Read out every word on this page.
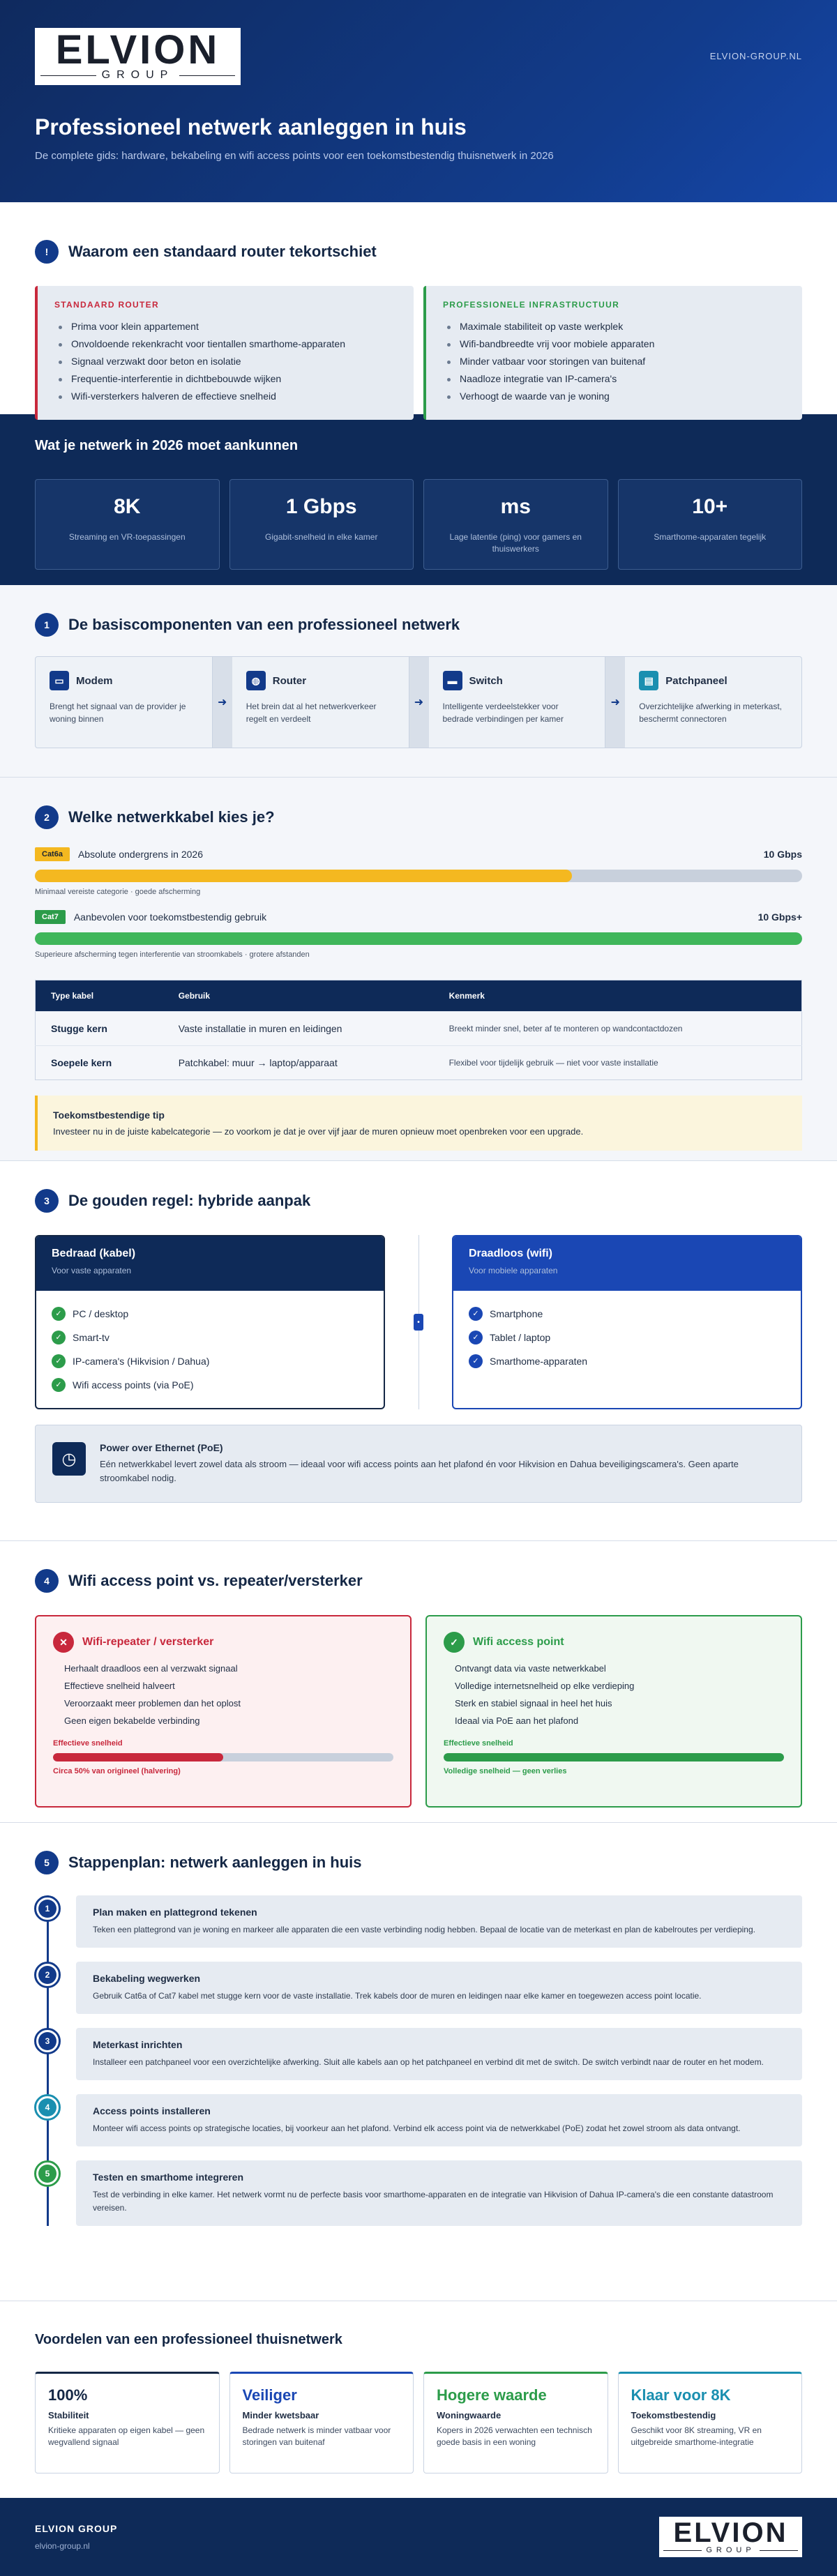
ELVION
GROUP
ELVION-GROUP.NL
Professioneel netwerk aanleggen in huis

De complete gids: hardware, bekabeling en wifi access points voor een toekomstbestendig thuisnetwerk in 2026

!	Waarom een standaard router tekortschiet
STANDAARD ROUTER
Prima voor klein appartement
Onvoldoende rekenkracht voor tientallen smarthome-apparaten
Signaal verzwakt door beton en isolatie
Frequentie-interferentie in dichtbebouwde wijken
Wifi-versterkers halveren de effectieve snelheid
PROFESSIONELE INFRASTRUCTUUR
Maximale stabiliteit op vaste werkplek
Wifi-bandbreedte vrij voor mobiele apparaten
Minder vatbaar voor storingen van buitenaf
Naadloze integratie van IP-camera's
Verhoogt de waarde van je woning
Wat je netwerk in 2026 moet aankunnen
8K
Streaming en VR-toepassingen
1 Gbps
Gigabit-snelheid in elke kamer
ms
Lage latentie (ping) voor gamers en thuiswerkers
10+
Smarthome-apparaten tegelijk
1	De basiscomponenten van een professioneel netwerk
▭	Modem

Brengt het signaal van de provider je woning binnen

➜
◍	Router

Het brein dat al het netwerkverkeer regelt en verdeelt

➜
▬	Switch

Intelligente verdeelstekker voor bedrade verbindingen per kamer

➜
▤	Patchpaneel

Overzichtelijke afwerking in meterkast, beschermt connectoren

2	Welke netwerkkabel kies je?
Cat6a	Absolute ondergrens in 2026	10 Gbps
Minimaal vereiste categorie · goede afscherming
Cat7	Aanbevolen voor toekomstbestendig gebruik	10 Gbps+
Superieure afscherming tegen interferentie van stroomkabels · grotere afstanden
Type kabel	Gebruik	Kenmerk
Stugge kern	Vaste installatie in muren en leidingen	Breekt minder snel, beter af te monteren op wandcontactdozen
Soepele kern	Patchkabel: muur → laptop/apparaat	Flexibel voor tijdelijk gebruik — niet voor vaste installatie
Toekomstbestendige tip
Investeer nu in de juiste kabelcategorie — zo voorkom je dat je over vijf jaar de muren opnieuw moet openbreken voor een upgrade.
3	De gouden regel: hybride aanpak
Bedraad (kabel)
Voor vaste apparaten
✓	PC / desktop
✓	Smart-tv
✓	IP-camera's (Hikvision / Dahua)
✓	Wifi access points (via PoE)
•
Draadloos (wifi)
Voor mobiele apparaten
✓	Smartphone
✓	Tablet / laptop
✓	Smarthome-apparaten
◷
Power over Ethernet (PoE)

Eén netwerkkabel levert zowel data als stroom — ideaal voor wifi access points aan het plafond én voor Hikvision en Dahua beveiligingscamera's. Geen aparte stroomkabel nodig.

4	Wifi access point vs. repeater/versterker
✕	Wifi-repeater / versterker
Herhaalt draadloos een al verzwakt signaal
Effectieve snelheid halveert
Veroorzaakt meer problemen dan het oplost
Geen eigen bekabelde verbinding
Effectieve snelheid
Circa 50% van origineel (halvering)
✓	Wifi access point
Ontvangt data via vaste netwerkkabel
Volledige internetsnelheid op elke verdieping
Sterk en stabiel signaal in heel het huis
Ideaal via PoE aan het plafond
Effectieve snelheid
Volledige snelheid — geen verlies
5	Stappenplan: netwerk aanleggen in huis
1	Plan maken en plattegrond tekenen

Teken een plattegrond van je woning en markeer alle apparaten die een vaste verbinding nodig hebben. Bepaal de locatie van de meterkast en plan de kabelroutes per verdieping.

2	Bekabeling wegwerken

Gebruik Cat6a of Cat7 kabel met stugge kern voor de vaste installatie. Trek kabels door de muren en leidingen naar elke kamer en toegewezen access point locatie.

3	Meterkast inrichten

Installeer een patchpaneel voor een overzichtelijke afwerking. Sluit alle kabels aan op het patchpaneel en verbind dit met de switch. De switch verbindt naar de router en het modem.

4	Access points installeren

Monteer wifi access points op strategische locaties, bij voorkeur aan het plafond. Verbind elk access point via de netwerkkabel (PoE) zodat het zowel stroom als data ontvangt.

5	Testen en smarthome integreren

Test de verbinding in elke kamer. Het netwerk vormt nu de perfecte basis voor smarthome-apparaten en de integratie van Hikvision of Dahua IP-camera's die een constante datastroom vereisen.

Voordelen van een professioneel thuisnetwerk
100%
Stabiliteit

Kritieke apparaten op eigen kabel — geen wegvallend signaal

Veiliger
Minder kwetsbaar

Bedrade netwerk is minder vatbaar voor storingen van buitenaf

Hogere waarde
Woningwaarde

Kopers in 2026 verwachten een technisch goede basis in een woning

Klaar voor 8K
Toekomstbestendig

Geschikt voor 8K streaming, VR en uitgebreide smarthome-integratie

ELVION GROUP
elvion-group.nl	ELVION
GROUP
